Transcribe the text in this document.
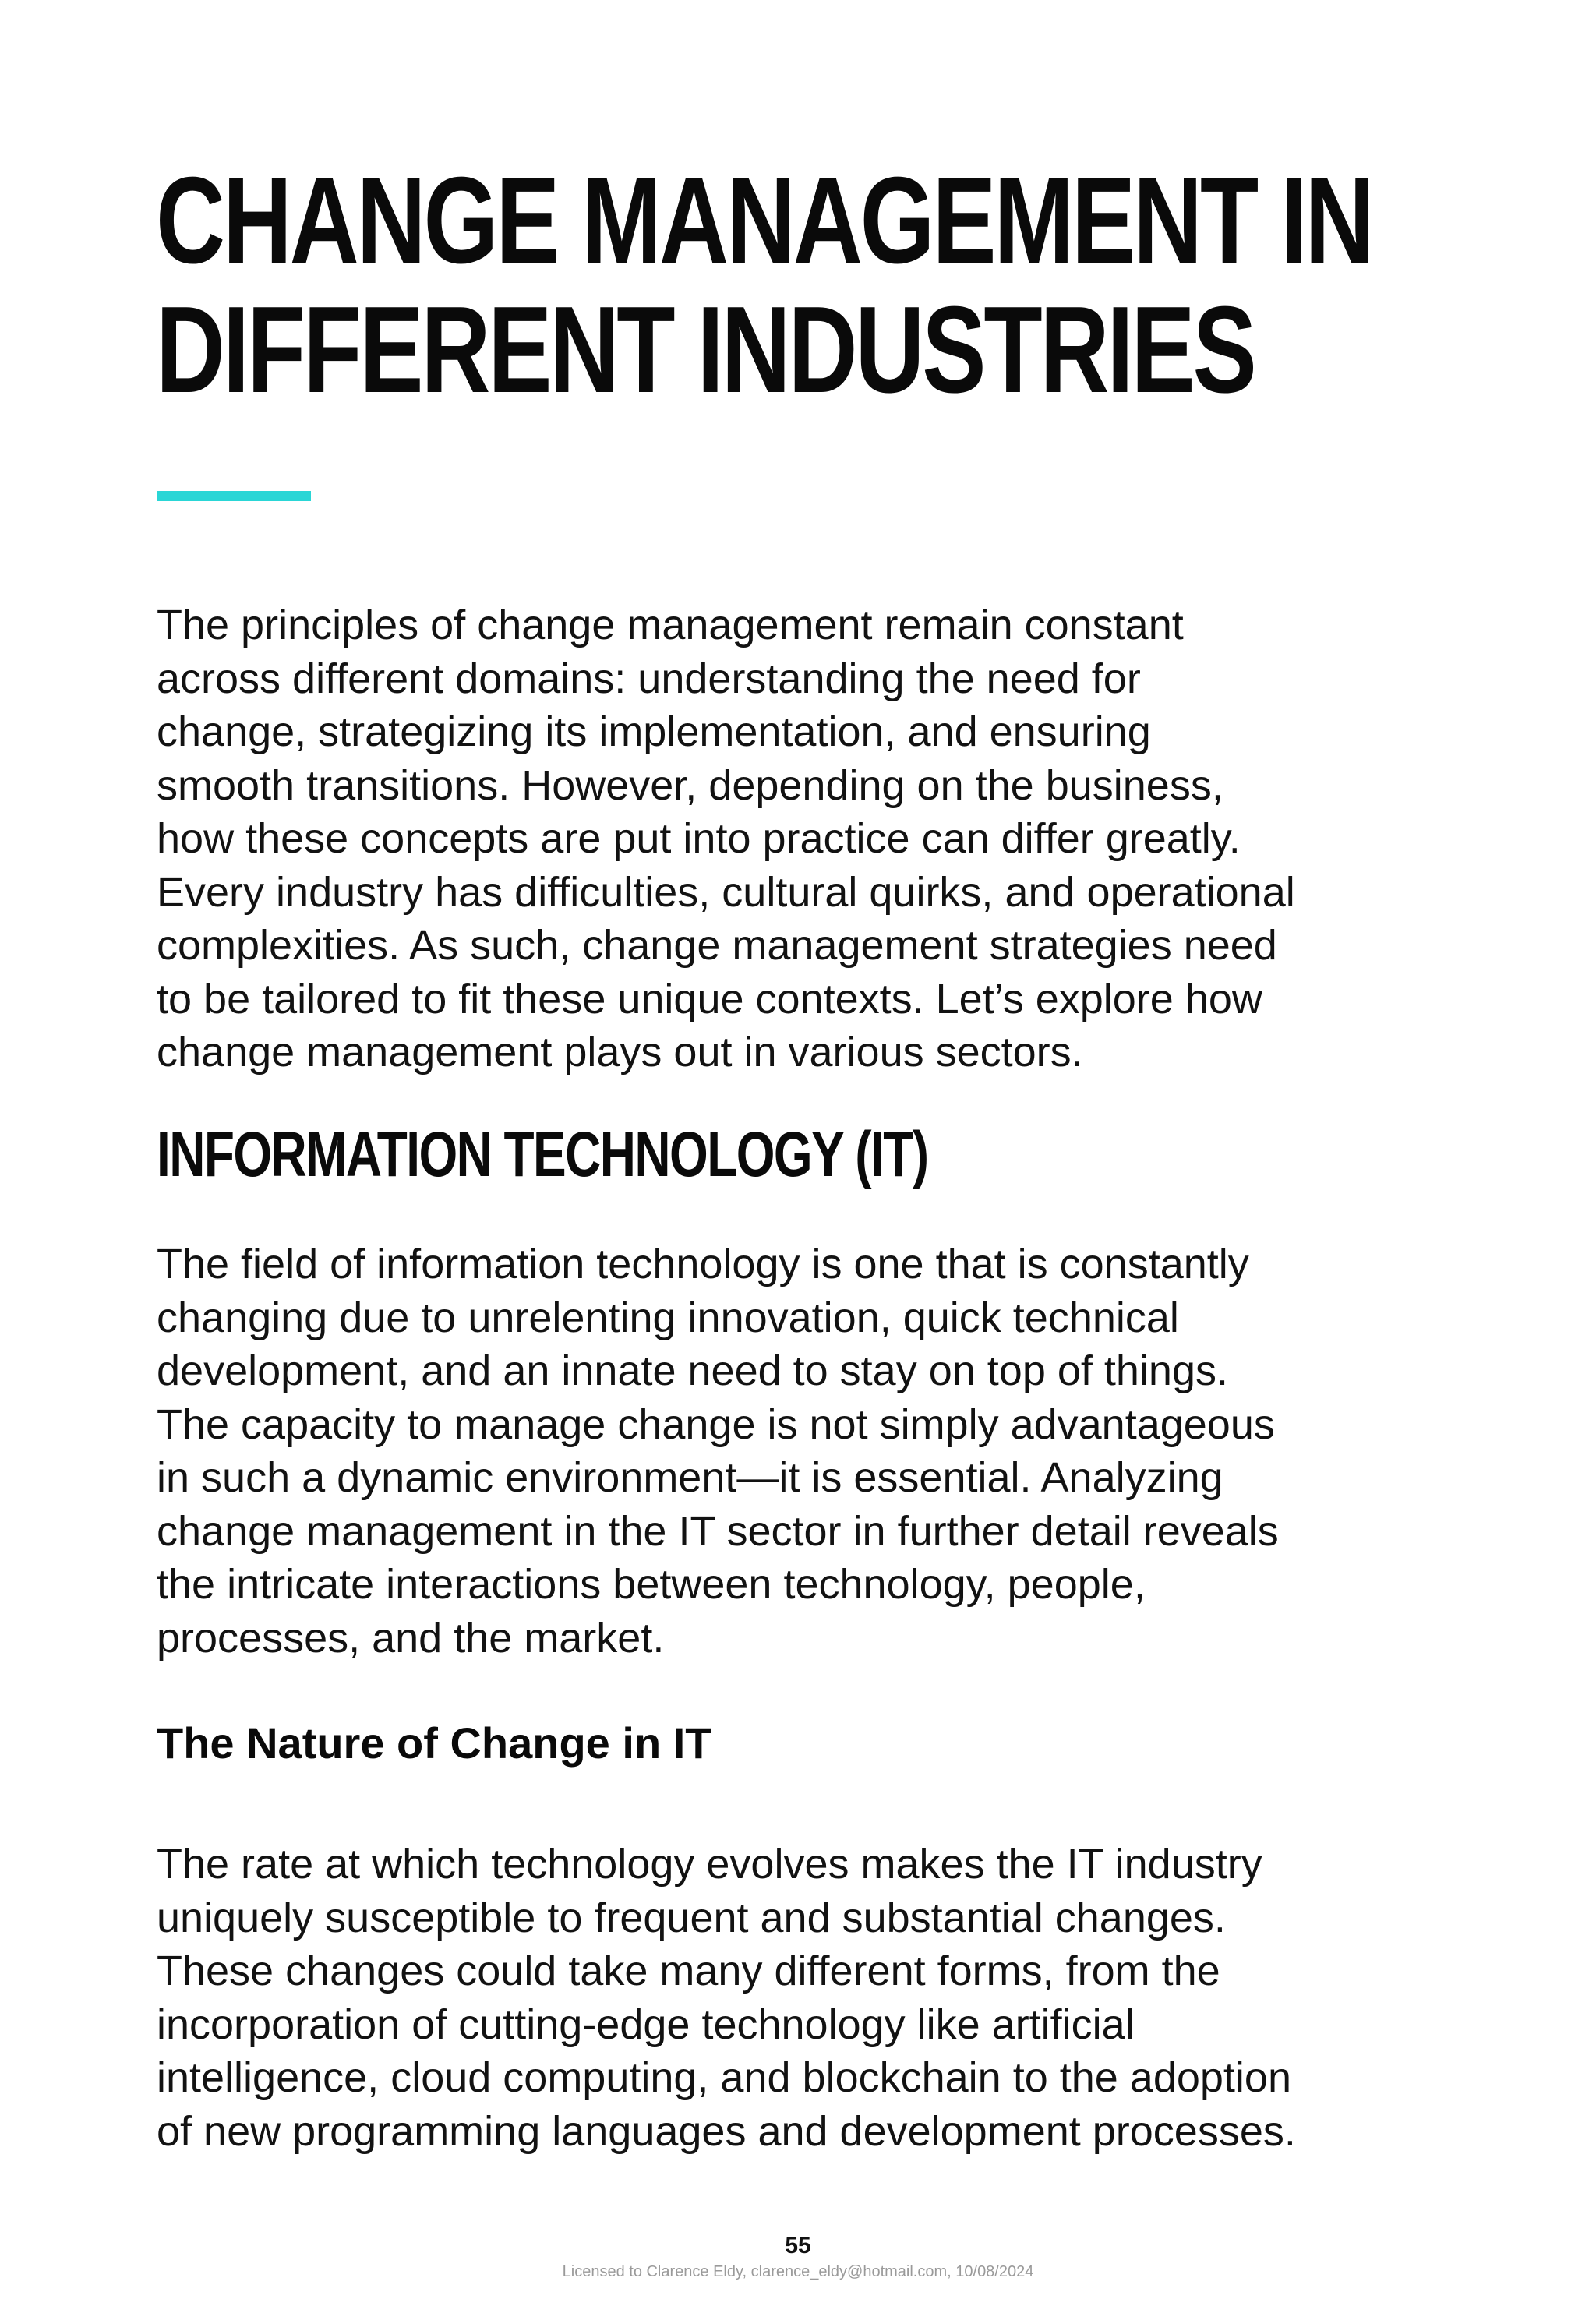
CHANGE MANAGEMENT IN
DIFFERENT INDUSTRIES

The principles of change management remain constant
across different domains: understanding the need for
change, strategizing its implementation, and ensuring
smooth transitions. However, depending on the business,
how these concepts are put into practice can differ greatly.
Every industry has difficulties, cultural quirks, and operational
complexities. As such, change management strategies need
to be tailored to fit these unique contexts. Let’s explore how
change management plays out in various sectors.

INFORMATION TECHNOLOGY (IT)

The field of information technology is one that is constantly
changing due to unrelenting innovation, quick technical
development, and an innate need to stay on top of things.
The capacity to manage change is not simply advantageous
in such a dynamic environment—it is essential. Analyzing
change management in the IT sector in further detail reveals
the intricate interactions between technology, people,
processes, and the market.

The Nature of Change in IT

The rate at which technology evolves makes the IT industry
uniquely susceptible to frequent and substantial changes.
These changes could take many different forms, from the
incorporation of cutting-edge technology like artificial
intelligence, cloud computing, and blockchain to the adoption
of new programming languages and development processes.

55
Licensed to Clarence Eldy, clarence_eldy@hotmail.com, 10/08/2024
